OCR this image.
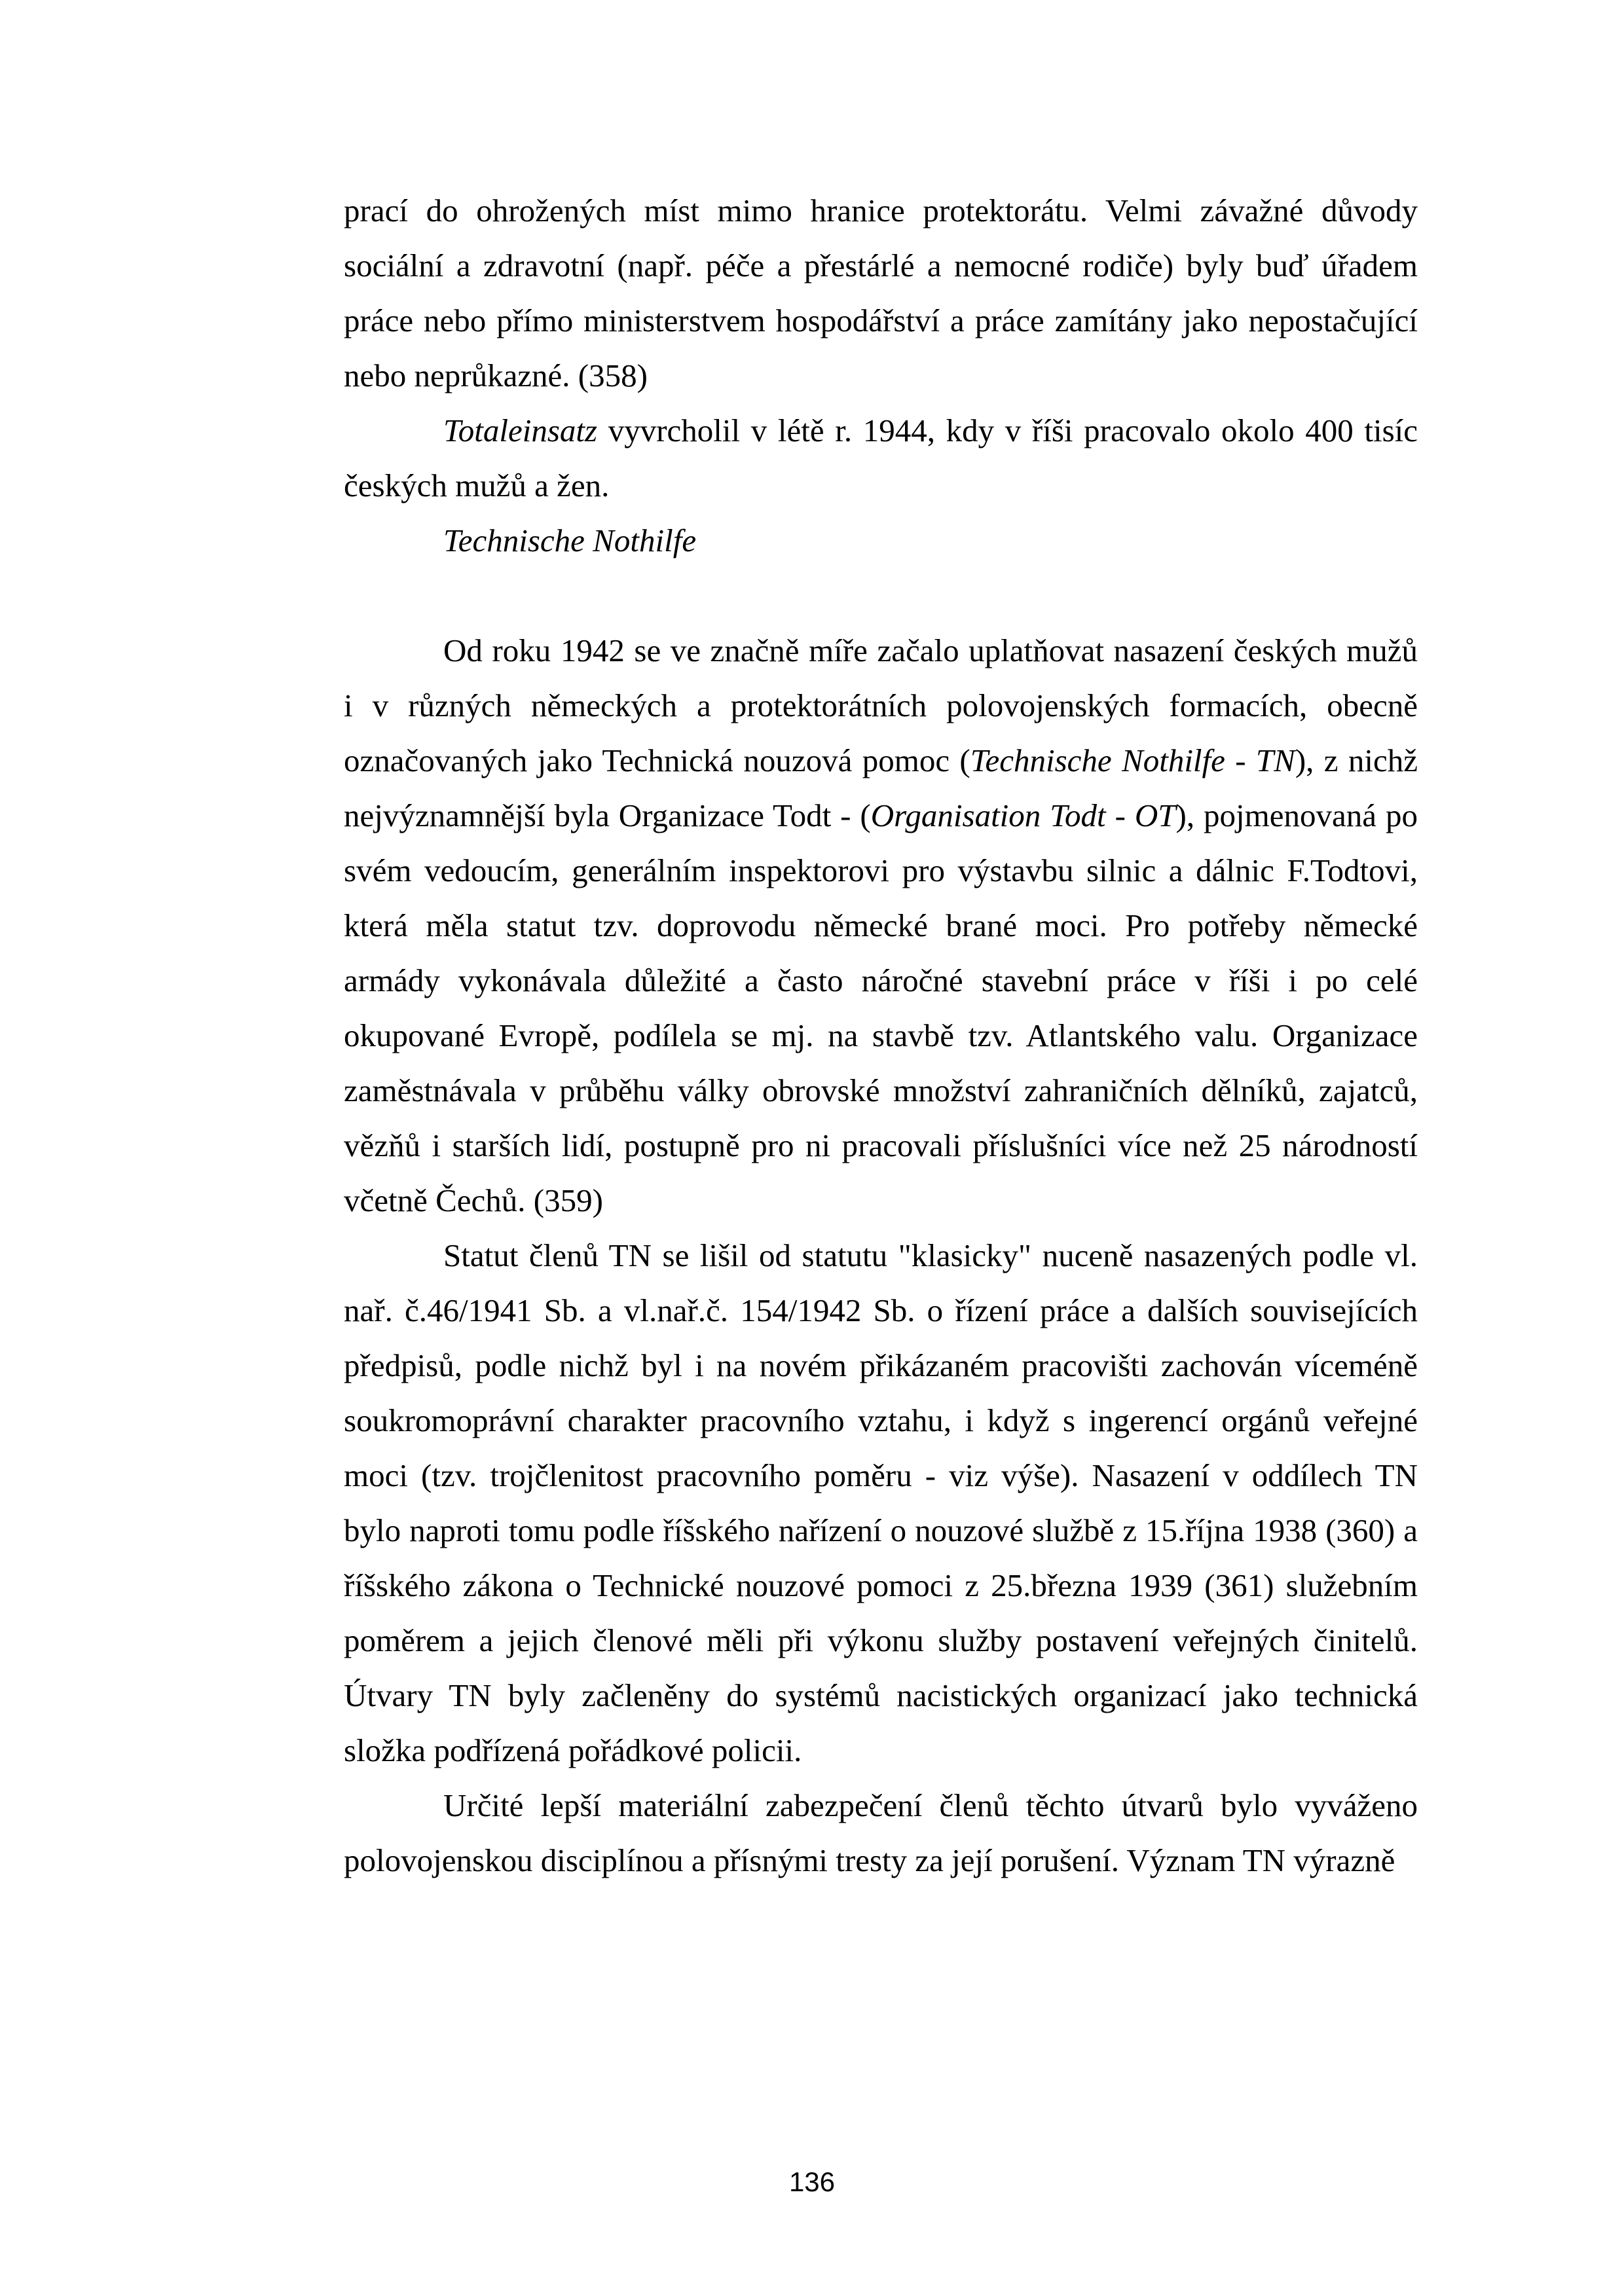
prací do ohrožených míst mimo hranice protektorátu. Velmi závažné důvody sociální a zdravotní (např. péče a přestárlé a nemocné rodiče) byly buď úřadem práce nebo přímo ministerstvem hospodářství a práce zamítány jako nepostačující nebo neprůkazné. (358)

Totaleinsatz vyvrcholil v létě r. 1944, kdy v říši pracovalo okolo 400 tisíc českých mužů a žen.

Technische Nothilfe

Od roku 1942 se ve značně míře začalo uplatňovat nasazení českých mužů i v různých německých a protektorátních polovojenských formacích, obecně označovaných jako Technická nouzová pomoc (Technische Nothilfe - TN), z nichž nejvýznamnější byla Organizace Todt - (Organisation Todt - OT), pojmenovaná po svém vedoucím, generálním inspektorovi pro výstavbu silnic a dálnic F.Todtovi, která měla statut tzv. doprovodu německé brané moci. Pro potřeby německé armády vykonávala důležité a často náročné stavební práce v říši i po celé okupované Evropě, podílela se mj. na stavbě tzv. Atlantského valu. Organizace zaměstnávala v průběhu války obrovské množství zahraničních dělníků, zajatců, vězňů i starších lidí, postupně pro ni pracovali příslušníci více než 25 národností včetně Čechů. (359)

Statut členů TN se lišil od statutu "klasicky" nuceně nasazených podle vl. nař. č.46/1941 Sb. a vl.nař.č. 154/1942 Sb. o řízení práce a dalších souvisejících předpisů, podle nichž byl i na novém přikázaném pracovišti zachován víceméně soukromoprávní charakter pracovního vztahu, i když s ingerencí orgánů veřejné moci (tzv. trojčlenitost pracovního poměru - viz výše). Nasazení v oddílech TN bylo naproti tomu podle říšského nařízení o nouzové službě z 15.října 1938 (360) a říšského zákona o Technické nouzové pomoci z 25.března 1939 (361) služebním poměrem a jejich členové měli při výkonu služby postavení veřejných činitelů. Útvary TN byly začleněny do systémů nacistických organizací jako technická složka podřízená pořádkové policii.

Určité lepší materiální zabezpečení členů těchto útvarů bylo vyváženo polovojenskou disciplínou a přísnými tresty za její porušení. Význam TN výrazně

136
